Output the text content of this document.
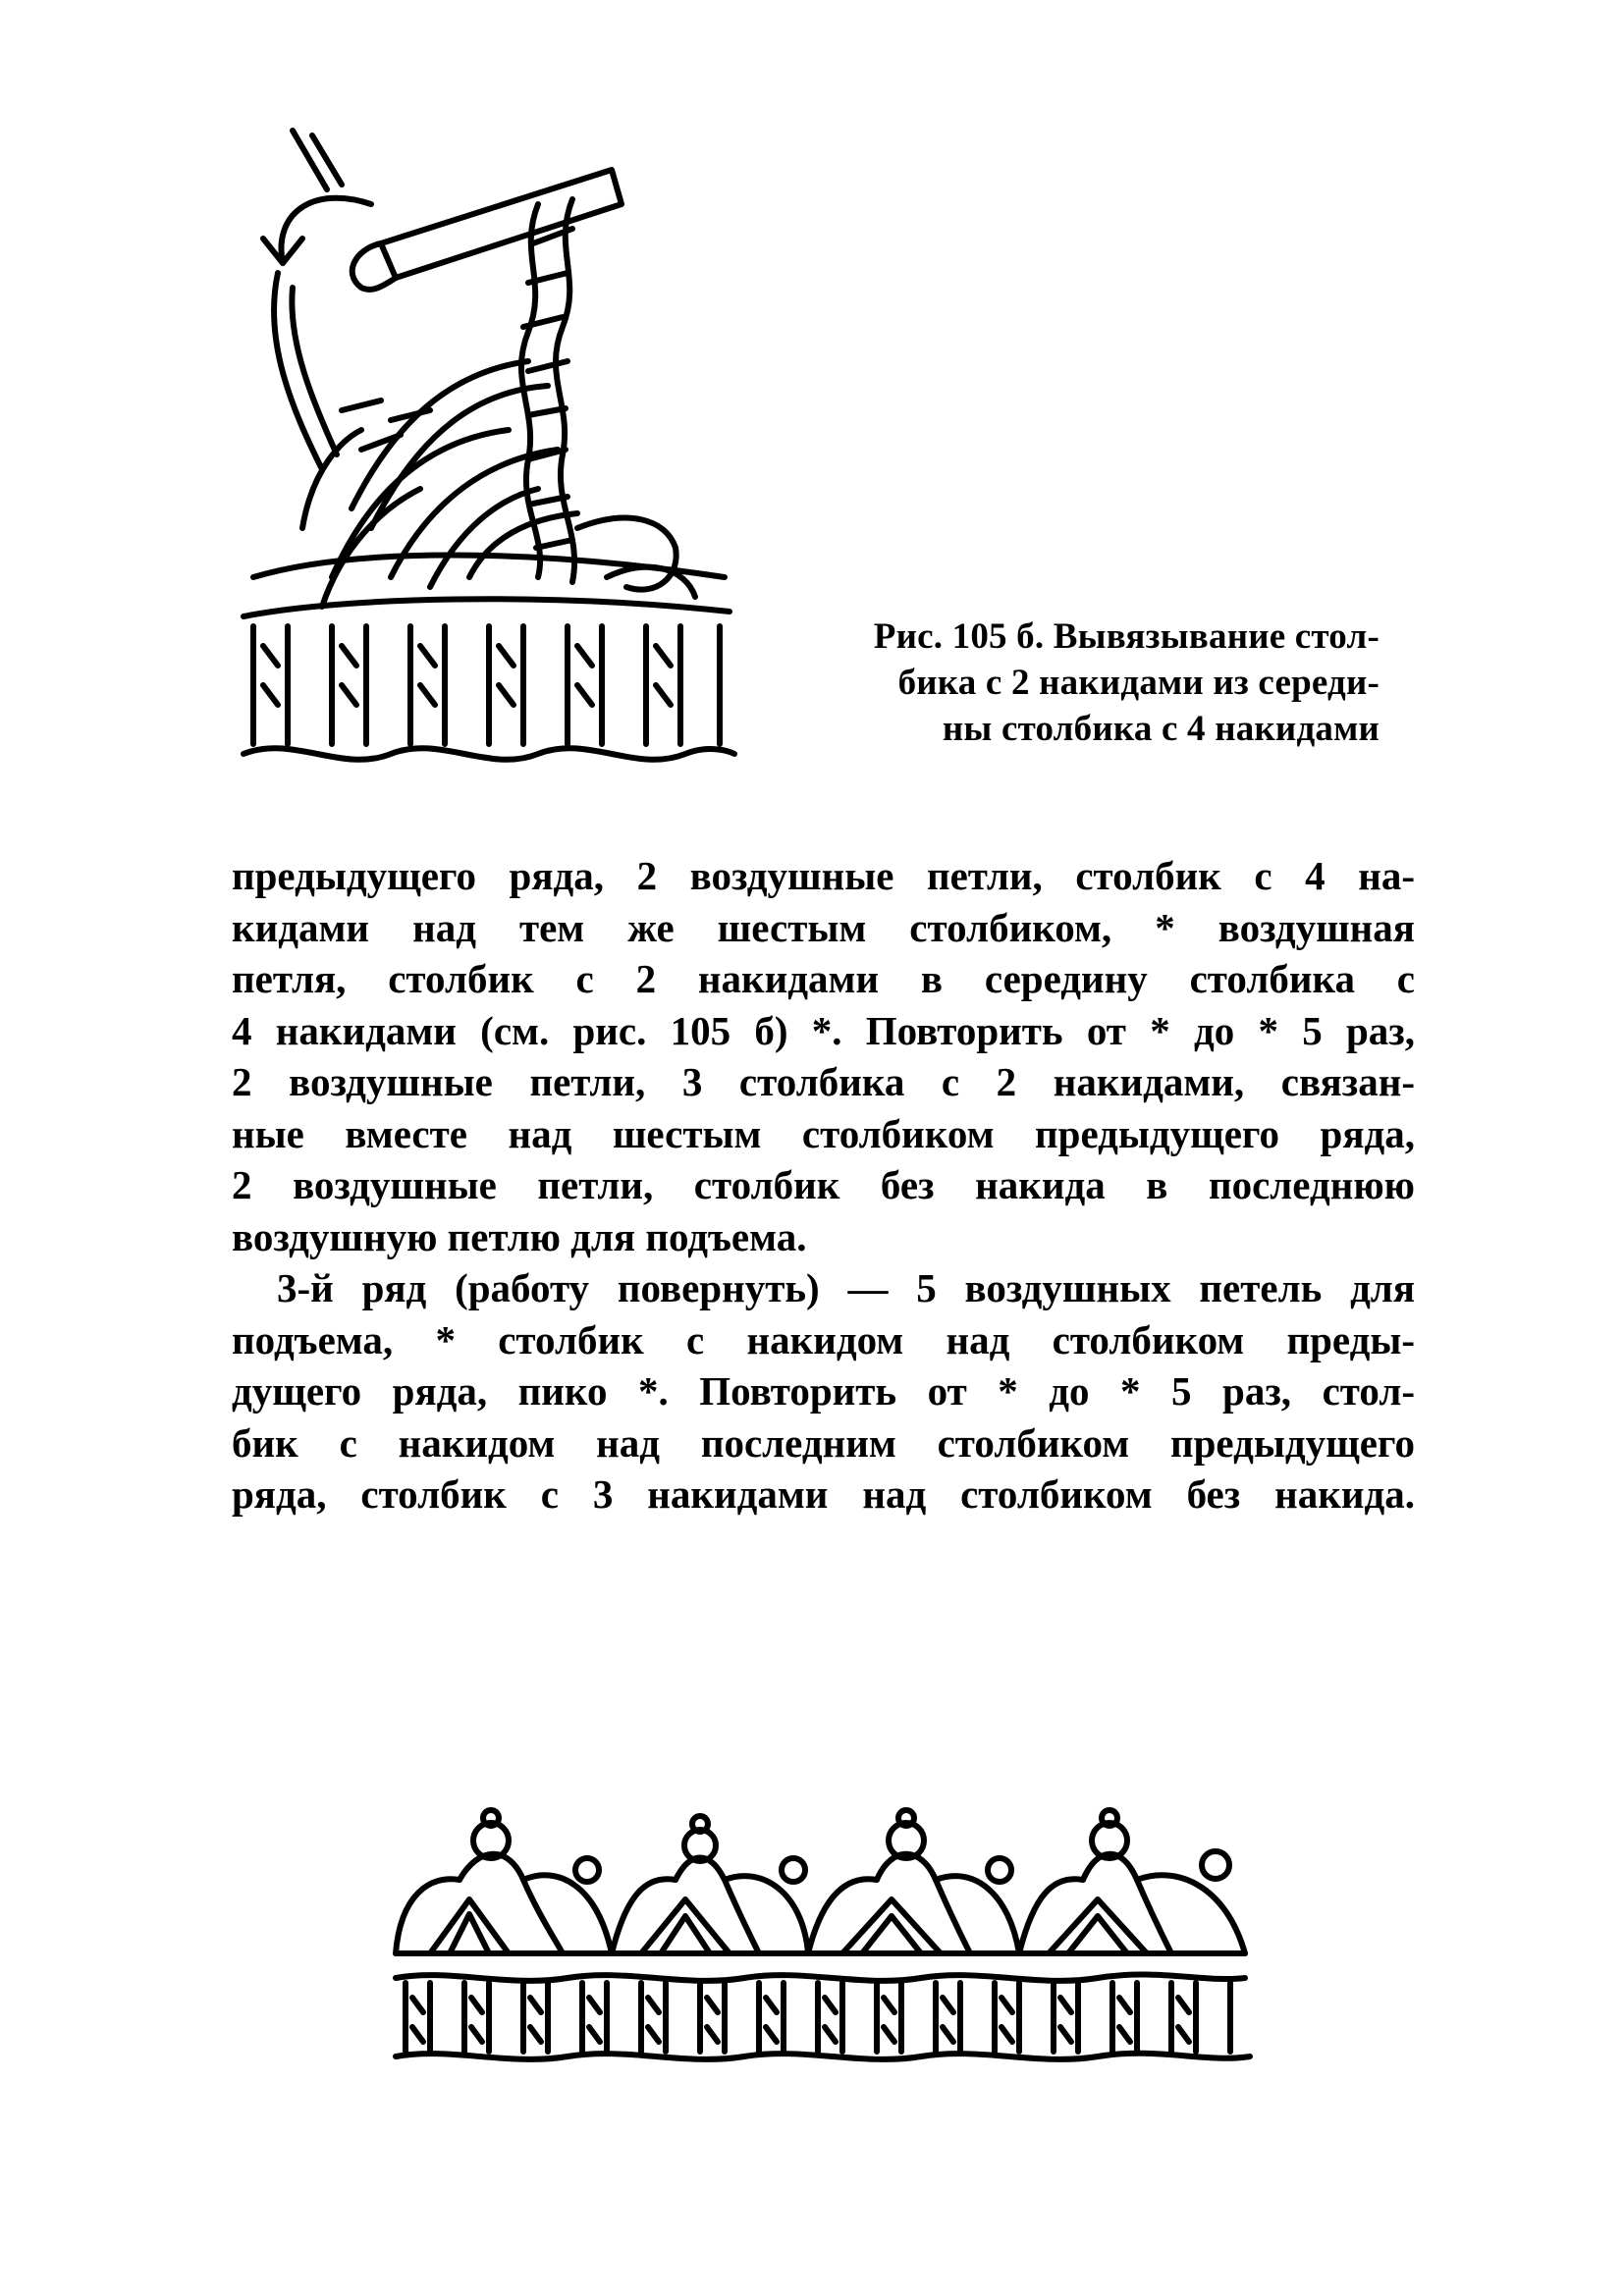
Рис. 105 б. Вывязывание стол-
бика с 2 накидами из середи-
ны столбика с 4 накидами
предыдущего ряда, 2 воздушные петли, столбик с 4 на-
кидами над тем же шестым столбиком, * воздушная
петля, столбик с 2 накидами в середину столбика с
4 накидами (см. рис. 105 б) *. Повторить от * до * 5 раз,
2 воздушные петли, 3 столбика с 2 накидами, связан-
ные вместе над шестым столбиком предыдущего ряда,
2 воздушные петли, столбик без накида в последнюю
воздушную петлю для подъема.
3-й ряд (работу повернуть) — 5 воздушных петель для
подъема, * столбик с накидом над столбиком преды-
дущего ряда, пико *. Повторить от * до * 5 раз, стол-
бик с накидом над последним столбиком предыдущего
ряда, столбик с 3 накидами над столбиком без накида.
